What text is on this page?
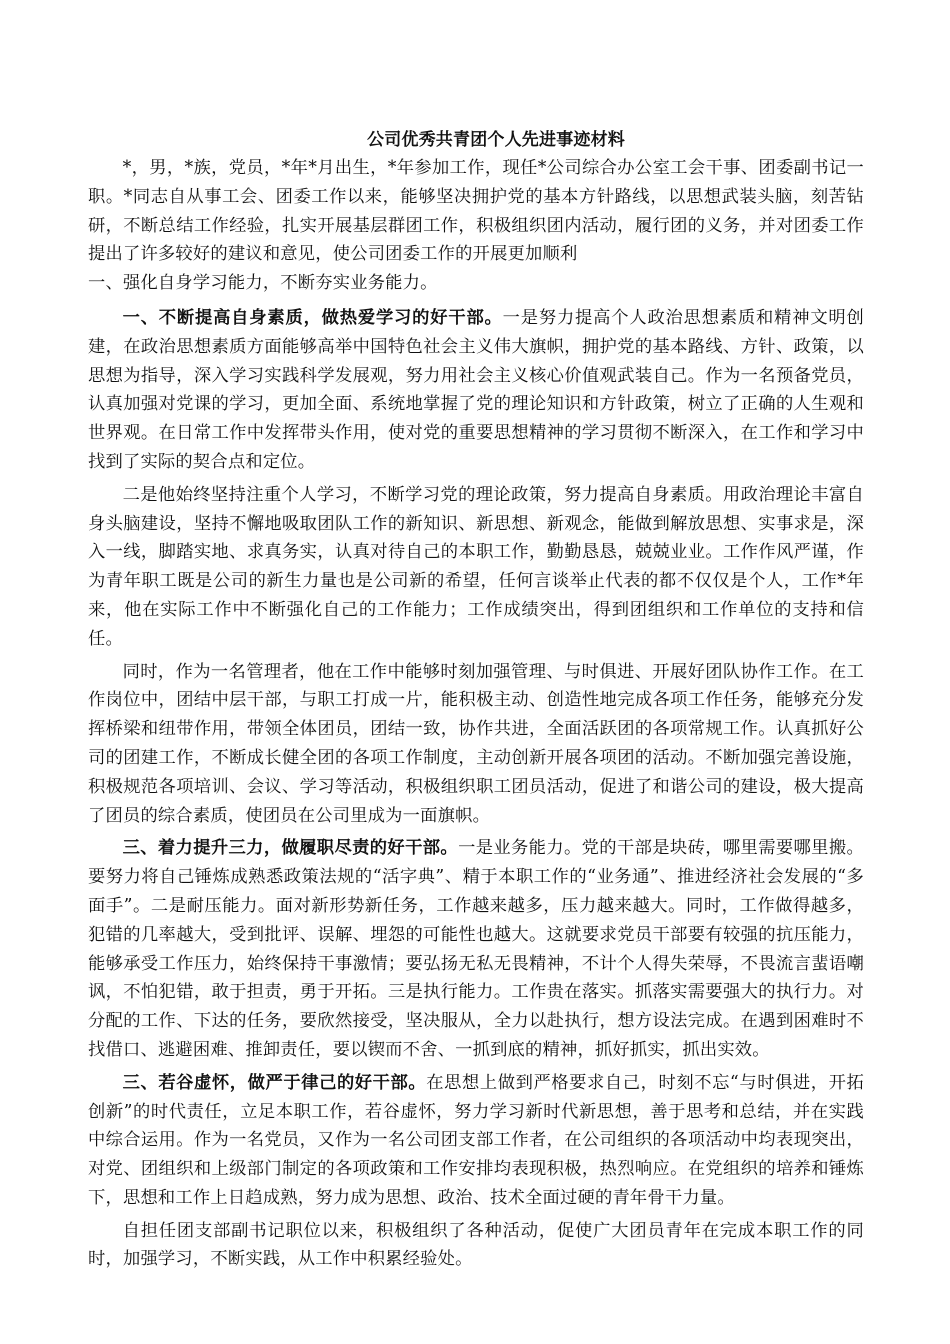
公司优秀共青团个人先进事迹材料

*，男，*族，党员，*年*月出生，*年参加工作，现任*公司综合办公室工会干事、团委副书记一职。*同志自从事工会、团委工作以来，能够坚决拥护党的基本方针路线，以思想武装头脑，刻苦钻研，不断总结工作经验，扎实开展基层群团工作，积极组织团内活动，履行团的义务，并对团委工作提出了许多较好的建议和意见，使公司团委工作的开展更加顺利
一、强化自身学习能力，不断夯实业务能力。

一、不断提高自身素质，做热爱学习的好干部。一是努力提高个人政治思想素质和精神文明创建，在政治思想素质方面能够高举中国特色社会主义伟大旗帜，拥护党的基本路线、方针、政策，以思想为指导，深入学习实践科学发展观，努力用社会主义核心价值观武装自己。作为一名预备党员，认真加强对党课的学习，更加全面、系统地掌握了党的理论知识和方针政策，树立了正确的人生观和世界观。在日常工作中发挥带头作用，使对党的重要思想精神的学习贯彻不断深入，在工作和学习中找到了实际的契合点和定位。

二是他始终坚持注重个人学习，不断学习党的理论政策，努力提高自身素质。用政治理论丰富自身头脑建设，坚持不懈地吸取团队工作的新知识、新思想、新观念，能做到解放思想、实事求是，深入一线，脚踏实地、求真务实，认真对待自己的本职工作，勤勤恳恳，兢兢业业。工作作风严谨，作为青年职工既是公司的新生力量也是公司新的希望，任何言谈举止代表的都不仅仅是个人，工作*年来，他在实际工作中不断强化自己的工作能力；工作成绩突出，得到团组织和工作单位的支持和信任。

同时，作为一名管理者，他在工作中能够时刻加强管理、与时俱进、开展好团队协作工作。在工作岗位中，团结中层干部，与职工打成一片，能积极主动、创造性地完成各项工作任务，能够充分发挥桥梁和纽带作用，带领全体团员，团结一致，协作共进，全面活跃团的各项常规工作。认真抓好公司的团建工作，不断成长健全团的各项工作制度，主动创新开展各项团的活动。不断加强完善设施，积极规范各项培训、会议、学习等活动，积极组织职工团员活动，促进了和谐公司的建设，极大提高了团员的综合素质，使团员在公司里成为一面旗帜。

三、着力提升三力，做履职尽责的好干部。一是业务能力。党的干部是块砖，哪里需要哪里搬。要努力将自己锤炼成熟悉政策法规的“活字典”、精于本职工作的“业务通”、推进经济社会发展的“多面手”。二是耐压能力。面对新形势新任务，工作越来越多，压力越来越大。同时，工作做得越多，犯错的几率越大，受到批评、误解、埋怨的可能性也越大。这就要求党员干部要有较强的抗压能力，能够承受工作压力，始终保持干事激情；要弘扬无私无畏精神，不计个人得失荣辱，不畏流言蜚语嘲讽，不怕犯错，敢于担责，勇于开拓。三是执行能力。工作贵在落实。抓落实需要强大的执行力。对分配的工作、下达的任务，要欣然接受，坚决服从，全力以赴执行，想方设法完成。在遇到困难时不找借口、逃避困难、推卸责任，要以锲而不舍、一抓到底的精神，抓好抓实，抓出实效。

三、若谷虚怀，做严于律己的好干部。在思想上做到严格要求自己，时刻不忘“与时俱进，开拓创新”的时代责任，立足本职工作，若谷虚怀，努力学习新时代新思想，善于思考和总结，并在实践中综合运用。作为一名党员，又作为一名公司团支部工作者，在公司组织的各项活动中均表现突出，对党、团组织和上级部门制定的各项政策和工作安排均表现积极，热烈响应。在党组织的培养和锤炼下，思想和工作上日趋成熟，努力成为思想、政治、技术全面过硬的青年骨干力量。

自担任团支部副书记职位以来，积极组织了各种活动，促使广大团员青年在完成本职工作的同时，加强学习，不断实践，从工作中积累经验处。
